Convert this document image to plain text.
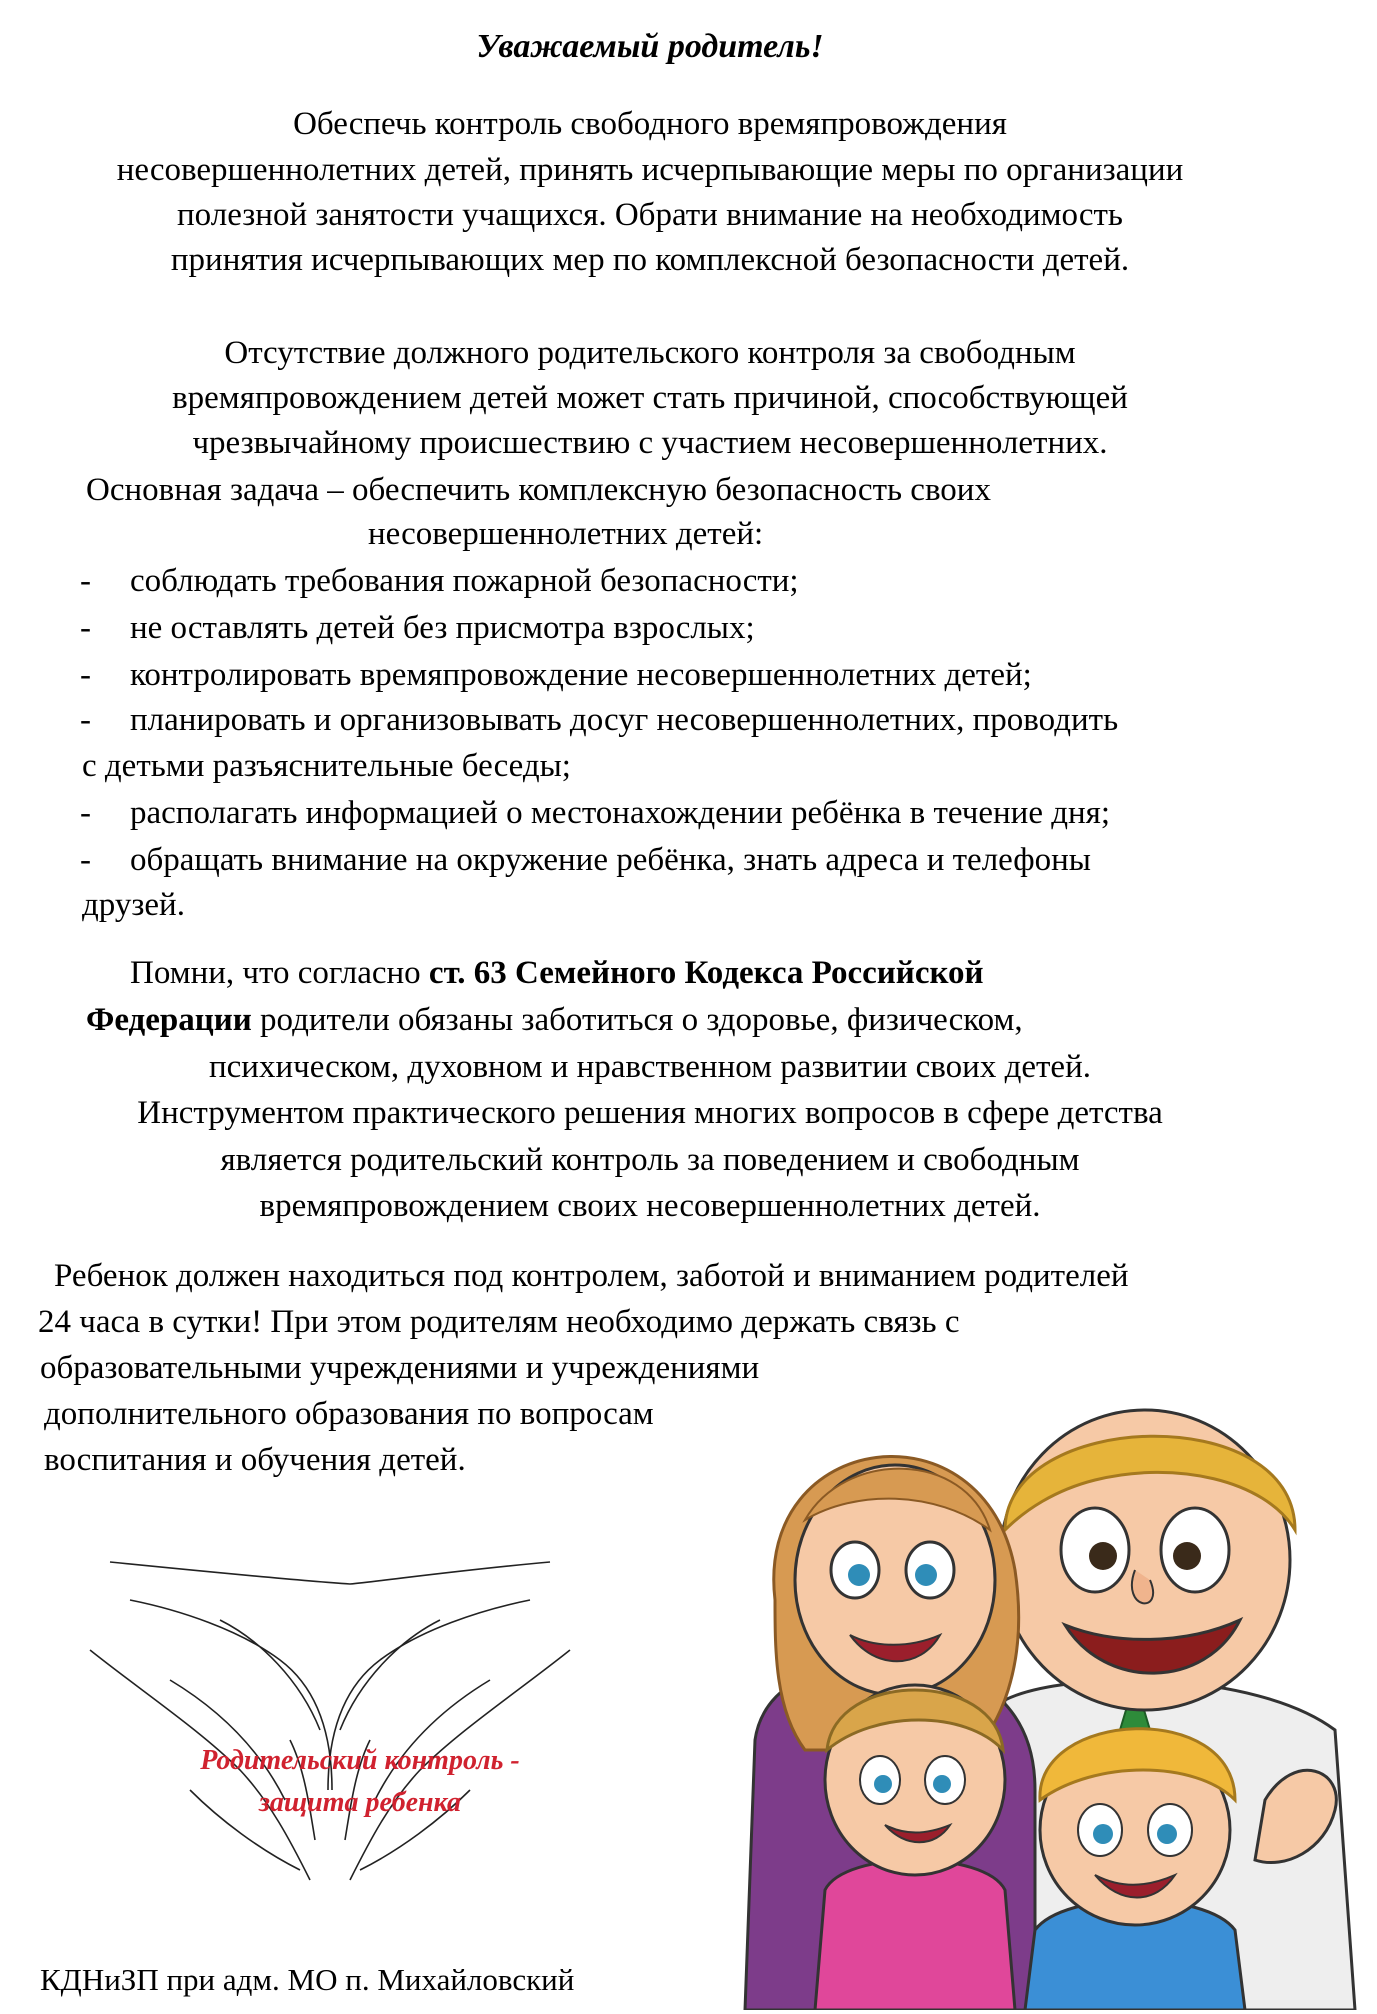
Уважаемый родитель!
Обеспечь контроль свободного времяпровождения
несовершеннолетних детей, принять исчерпывающие меры по организации
полезной занятости учащихся. Обрати внимание на необходимость
принятия исчерпывающих мер по комплексной безопасности детей.
Отсутствие должного родительского контроля за свободным
времяпровождением детей может стать причиной, способствующей
чрезвычайному происшествию с участием несовершеннолетних.
Основная задача – обеспечить комплексную безопасность своих
несовершеннолетних детей:
- соблюдать требования пожарной безопасности;
- не оставлять детей без присмотра взрослых;
- контролировать времяпровождение несовершеннолетних детей;
- планировать и организовывать досуг несовершеннолетних, проводить
с детьми разъяснительные беседы;
- располагать информацией о местонахождении ребёнка в течение дня;
- обращать внимание на окружение ребёнка, знать адреса и телефоны
друзей.
Помни, что согласно ст. 63 Семейного Кодекса Российской
Федерации родители обязаны заботиться о здоровье, физическом,
психическом, духовном и нравственном развитии своих детей.
Инструментом практического решения многих вопросов в сфере детства
является родительский контроль за поведением и свободным
времяпровождением своих несовершеннолетних детей.
Ребенок должен находиться под контролем, заботой и вниманием родителей
24 часа в сутки! При этом родителям необходимо держать связь с
образовательными учреждениями и учреждениями
дополнительного образования по вопросам
воспитания и обучения детей.
Родительский контроль -
защита ребенка
КДНиЗП при адм. МО п. Михайловский
